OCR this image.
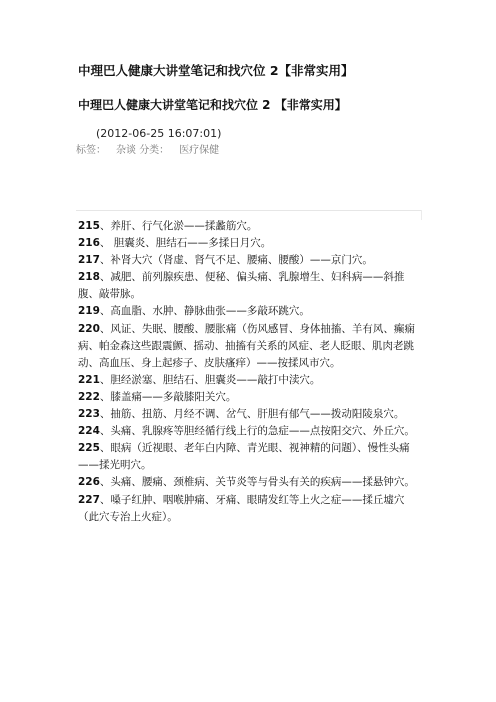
中理巴人健康大讲堂笔记和找穴位 2【非常实用】
中理巴人健康大讲堂笔记和找穴位 2 【非常实用】
(2012-06-25 16:07:01)
标签： 杂谈 分类： 医疗保健

215、养肝、行气化淤——揉蠡筋穴。

216、 胆囊炎、胆结石——多揉日月穴。

217、补肾大穴（肾虚、肾气不足、腰痛、腰酸）——京门穴。

218、减肥、前列腺疾患、便秘、偏头痛、乳腺增生、妇科病——斜推腹、敲带脉。

219、高血脂、水肿、静脉曲张——多敲环跳穴。

220、风证、失眠、腰酸、腰胀痛（伤风感冒、身体抽搐、羊有风、癫痫病、帕金森这些跟震颤、摇动、抽搐有关系的风症、老人眨眼、肌肉老跳动、高血压、身上起疹子、皮肤瘙痒）——按揉风市穴。

221、胆经淤塞、胆结石、胆囊炎——敲打中渎穴。

222、膝盖痛——多敲膝阳关穴。

223、抽筋、扭筋、月经不调、岔气、肝胆有郁气——拨动阳陵泉穴。

224、头痛、乳腺疼等胆经循行线上行的急症——点按阳交穴、外丘穴。

225、眼病（近视眼、老年白内障、青光眼、视神精的问题）、慢性头痛——揉光明穴。

226、头痛、腰痛、颈椎病、关节炎等与骨头有关的疾病——揉悬钟穴。

227、嗓子红肿、咽喉肿痛、牙痛、眼睛发红等上火之症——揉丘墟穴（此穴专治上火症）。
